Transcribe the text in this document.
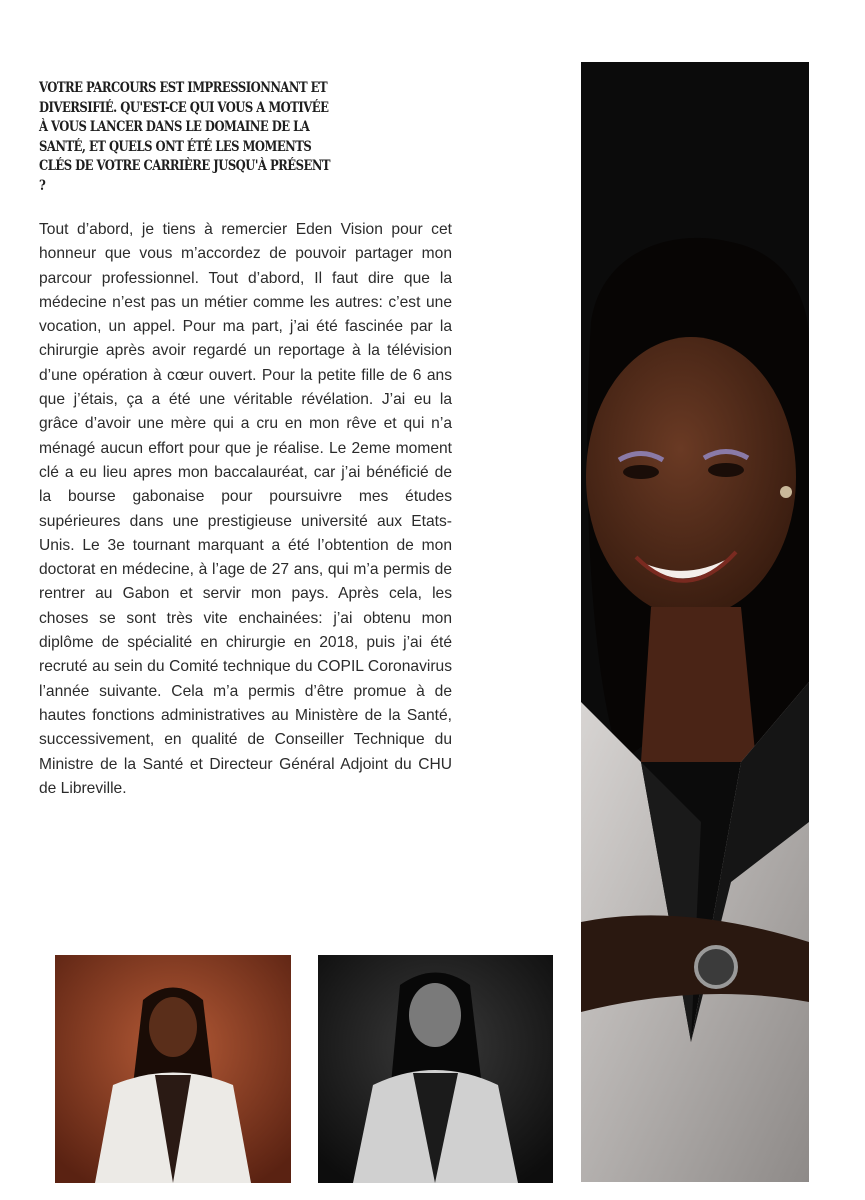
VOTRE PARCOURS EST IMPRESSIONNANT ET DIVERSIFIÉ. QU'EST-CE QUI VOUS A MOTIVÉE À VOUS LANCER DANS LE DOMAINE DE LA SANTÉ, ET QUELS ONT ÉTÉ LES MOMENTS CLÉS DE VOTRE CARRIÈRE JUSQU'À PRÉSENT ?

Tout d’abord, je tiens à remercier Eden Vision pour cet honneur que vous m’accordez de pouvoir partager mon parcour professionnel. Tout d’abord, Il faut dire que la médecine n’est pas un métier comme les autres: c’est une vocation, un appel. Pour ma part, j’ai été fascinée par la chirurgie après avoir regardé un reportage à la télévision d’une opération à cœur ouvert. Pour la petite fille de 6 ans que j’étais, ça a été une véritable révélation. J’ai eu la grâce d’avoir une mère qui a cru en mon rêve et qui n’a ménagé aucun effort pour que je réalise. Le 2eme moment clé a eu lieu apres mon baccalauréat, car j’ai bénéficié de la bourse gabonaise pour poursuivre mes études supérieures dans une prestigieuse université aux Etats-Unis. Le 3e tournant marquant a été l’obtention de mon doctorat en médecine, à l’age de 27 ans, qui m’a permis de rentrer au Gabon et servir mon pays. Après cela, les choses se sont très vite enchainées: j’ai obtenu mon diplôme de spécialité en chirurgie en 2018, puis j’ai été recruté au sein du Comité technique du COPIL Coronavirus l’année suivante. Cela m’a permis d’être promue à de hautes fonctions administratives au Ministère de la Santé, successivement, en qualité de Conseiller Technique du Ministre de la Santé et Directeur Général Adjoint du CHU de Libreville.
